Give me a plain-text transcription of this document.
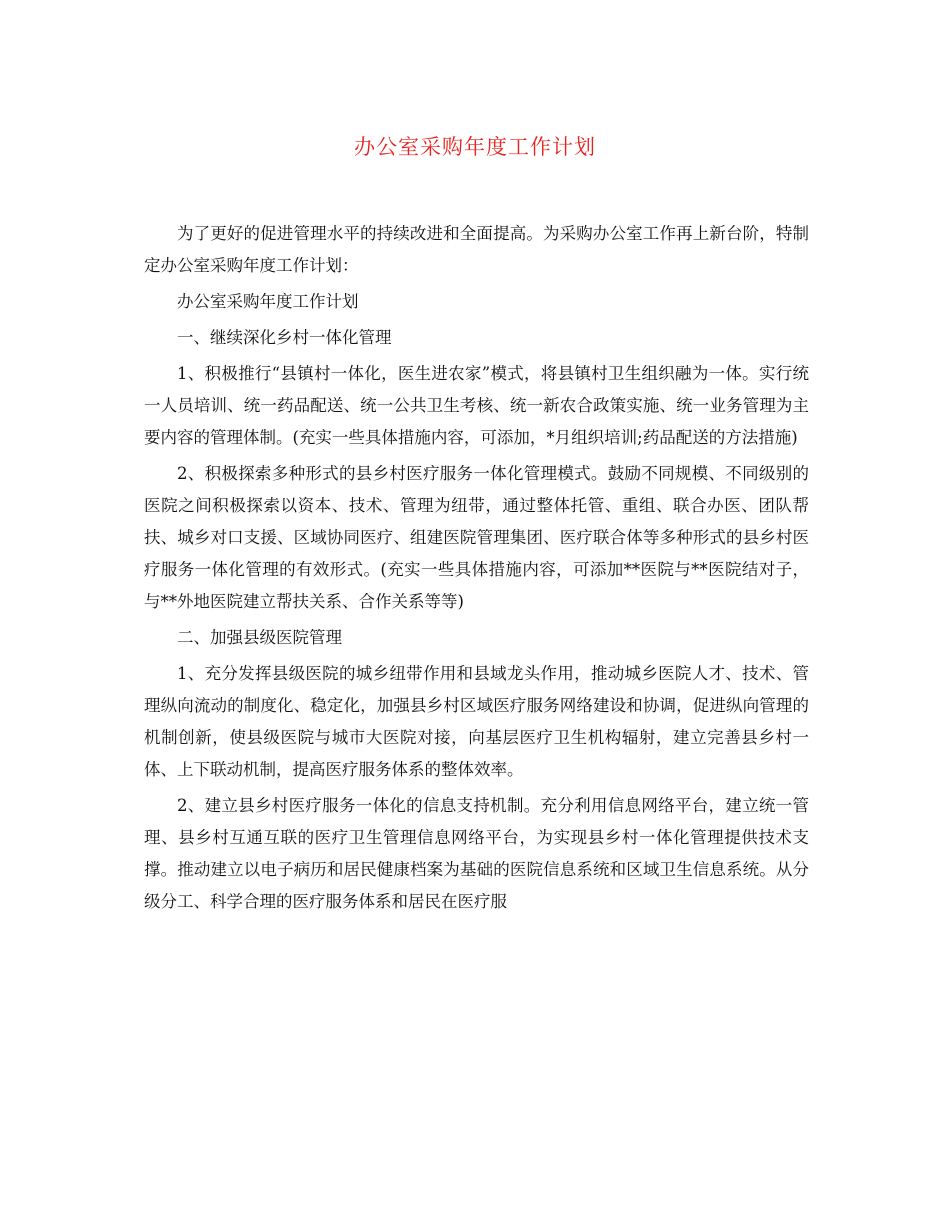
办公室采购年度工作计划

为了更好的促进管理水平的持续改进和全面提高。为采购办公室工作再上新台阶，特制定办公室采购年度工作计划：

办公室采购年度工作计划

一、继续深化乡村一体化管理

1、积极推行“县镇村一体化，医生进农家”模式，将县镇村卫生组织融为一体。实行统一人员培训、统一药品配送、统一公共卫生考核、统一新农合政策实施、统一业务管理为主要内容的管理体制。(充实一些具体措施内容，可添加，*月组织培训;药品配送的方法措施)

2、积极探索多种形式的县乡村医疗服务一体化管理模式。鼓励不同规模、不同级别的医院之间积极探索以资本、技术、管理为纽带，通过整体托管、重组、联合办医、团队帮扶、城乡对口支援、区域协同医疗、组建医院管理集团、医疗联合体等多种形式的县乡村医疗服务一体化管理的有效形式。(充实一些具体措施内容，可添加**医院与**医院结对子，与**外地医院建立帮扶关系、合作关系等等)

二、加强县级医院管理

1、充分发挥县级医院的城乡纽带作用和县域龙头作用，推动城乡医院人才、技术、管理纵向流动的制度化、稳定化，加强县乡村区域医疗服务网络建设和协调，促进纵向管理的机制创新，使县级医院与城市大医院对接，向基层医疗卫生机构辐射，建立完善县乡村一体、上下联动机制，提高医疗服务体系的整体效率。

2、建立县乡村医疗服务一体化的信息支持机制。充分利用信息网络平台，建立统一管理、县乡村互通互联的医疗卫生管理信息网络平台，为实现县乡村一体化管理提供技术支撑。推动建立以电子病历和居民健康档案为基础的医院信息系统和区域卫生信息系统。从分级分工、科学合理的医疗服务体系和居民在医疗服
